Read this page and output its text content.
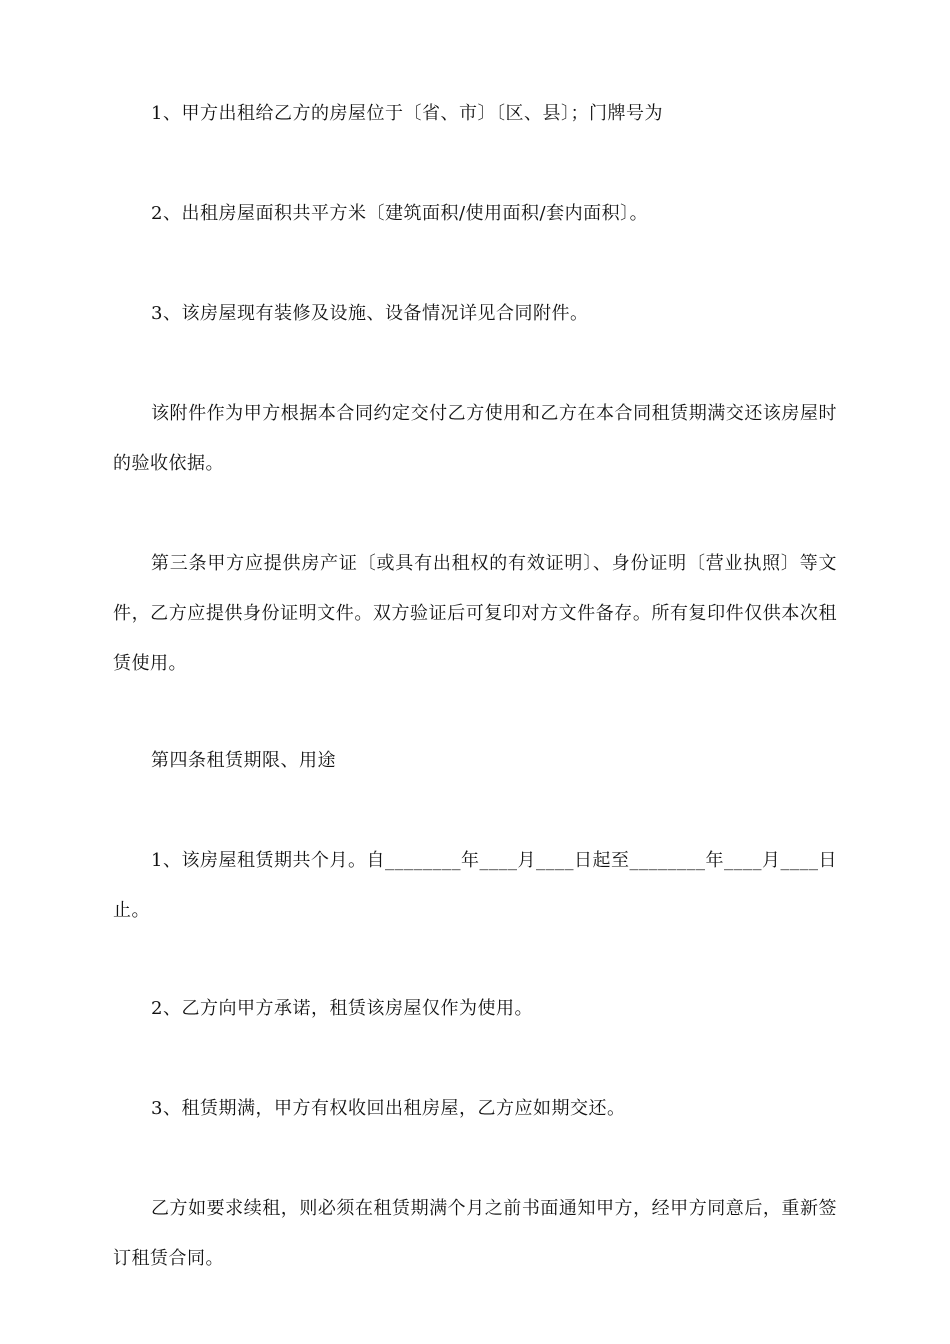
1、甲方出租给乙方的房屋位于〔省、市〕〔区、县〕；门牌号为

2、出租房屋面积共平方米〔建筑面积/使用面积/套内面积〕。

3、该房屋现有装修及设施、设备情况详见合同附件。

该附件作为甲方根据本合同约定交付乙方使用和乙方在本合同租赁期满交还该房屋时的验收依据。

第三条甲方应提供房产证〔或具有出租权的有效证明〕、身份证明〔营业执照〕等文件，乙方应提供身份证明文件。双方验证后可复印对方文件备存。所有复印件仅供本次租赁使用。

第四条租赁期限、用途

1、该房屋租赁期共个月。自________年____月____日起至________年____月____日止。

2、乙方向甲方承诺，租赁该房屋仅作为使用。

3、租赁期满，甲方有权收回出租房屋，乙方应如期交还。

乙方如要求续租，则必须在租赁期满个月之前书面通知甲方，经甲方同意后，重新签订租赁合同。
